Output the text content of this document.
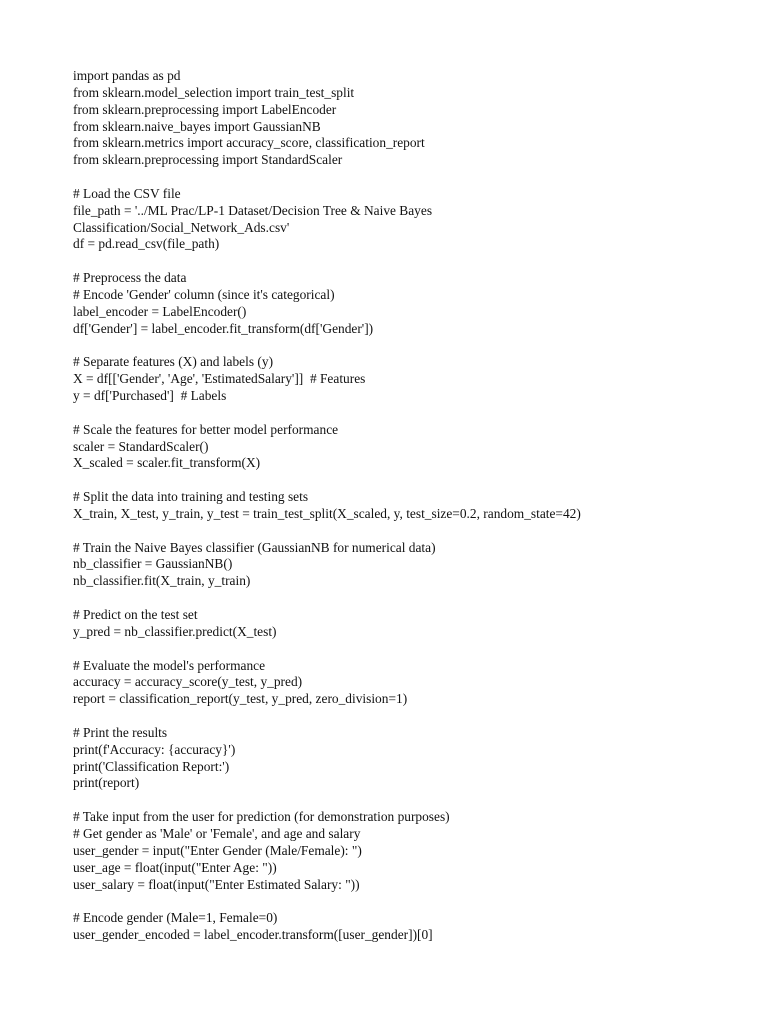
import pandas as pd
from sklearn.model_selection import train_test_split
from sklearn.preprocessing import LabelEncoder
from sklearn.naive_bayes import GaussianNB
from sklearn.metrics import accuracy_score, classification_report
from sklearn.preprocessing import StandardScaler
# Load the CSV file
file_path = '../ML Prac/LP-1 Dataset/Decision Tree & Naive Bayes
Classification/Social_Network_Ads.csv'
df = pd.read_csv(file_path)
# Preprocess the data
# Encode 'Gender' column (since it's categorical)
label_encoder = LabelEncoder()
df['Gender'] = label_encoder.fit_transform(df['Gender'])
# Separate features (X) and labels (y)
X = df[['Gender', 'Age', 'EstimatedSalary']]  # Features
y = df['Purchased']  # Labels
# Scale the features for better model performance
scaler = StandardScaler()
X_scaled = scaler.fit_transform(X)
# Split the data into training and testing sets
X_train, X_test, y_train, y_test = train_test_split(X_scaled, y, test_size=0.2, random_state=42)
# Train the Naive Bayes classifier (GaussianNB for numerical data)
nb_classifier = GaussianNB()
nb_classifier.fit(X_train, y_train)
# Predict on the test set
y_pred = nb_classifier.predict(X_test)
# Evaluate the model's performance
accuracy = accuracy_score(y_test, y_pred)
report = classification_report(y_test, y_pred, zero_division=1)
# Print the results
print(f'Accuracy: {accuracy}')
print('Classification Report:')
print(report)
# Take input from the user for prediction (for demonstration purposes)
# Get gender as 'Male' or 'Female', and age and salary
user_gender = input("Enter Gender (Male/Female): ")
user_age = float(input("Enter Age: "))
user_salary = float(input("Enter Estimated Salary: "))
# Encode gender (Male=1, Female=0)
user_gender_encoded = label_encoder.transform([user_gender])[0]
